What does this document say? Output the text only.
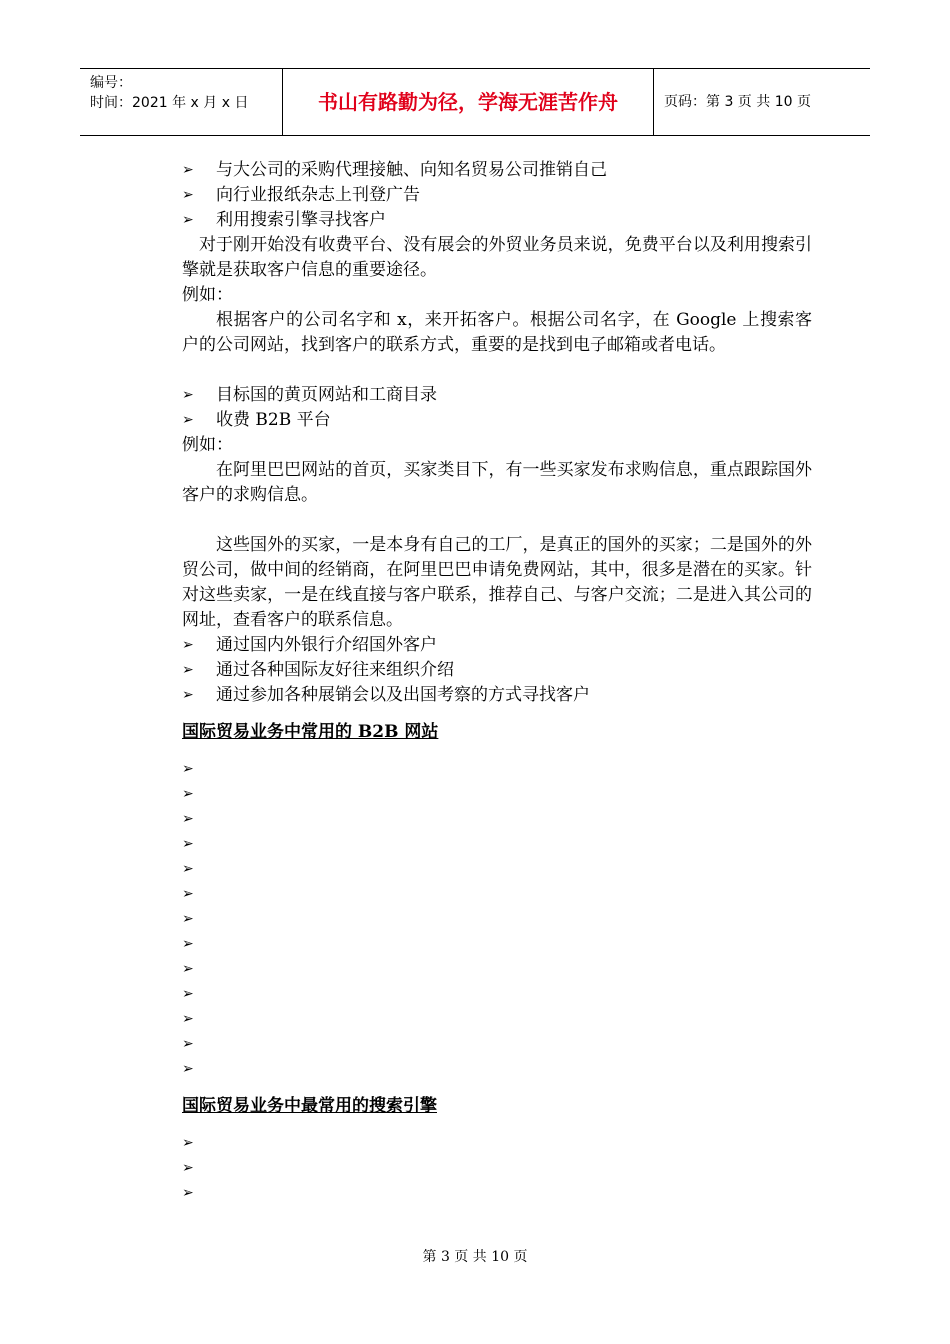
编号：
时间：2021 年 x 月 x 日	书山有路勤为径，学海无涯苦作舟	页码：第 3 页 共 10 页
➢ 与大公司的采购代理接触、向知名贸易公司推销自己
➢ 向行业报纸杂志上刊登广告
➢ 利用搜索引擎寻找客户
对于刚开始没有收费平台、没有展会的外贸业务员来说，免费平台以及利用搜索引擎就是获取客户信息的重要途径。
例如：
根据客户的公司名字和 x，来开拓客户。根据公司名字，在 Google 上搜索客户的公司网站，找到客户的联系方式，重要的是找到电子邮箱或者电话。
➢ 目标国的黄页网站和工商目录
➢ 收费 B2B 平台
例如：
在阿里巴巴网站的首页，买家类目下，有一些买家发布求购信息，重点跟踪国外客户的求购信息。
这些国外的买家，一是本身有自己的工厂，是真正的国外的买家；二是国外的外贸公司，做中间的经销商，在阿里巴巴申请免费网站，其中，很多是潜在的买家。针对这些卖家，一是在线直接与客户联系，推荐自己、与客户交流；二是进入其公司的网址，查看客户的联系信息。
➢ 通过国内外银行介绍国外客户
➢ 通过各种国际友好往来组织介绍
➢ 通过参加各种展销会以及出国考察的方式寻找客户
国际贸易业务中常用的 B2B 网站
➢
➢
➢
➢
➢
➢
➢
➢
➢
➢
➢
➢
➢
国际贸易业务中最常用的搜索引擎
➢
➢
➢
第 3 页 共 10 页
